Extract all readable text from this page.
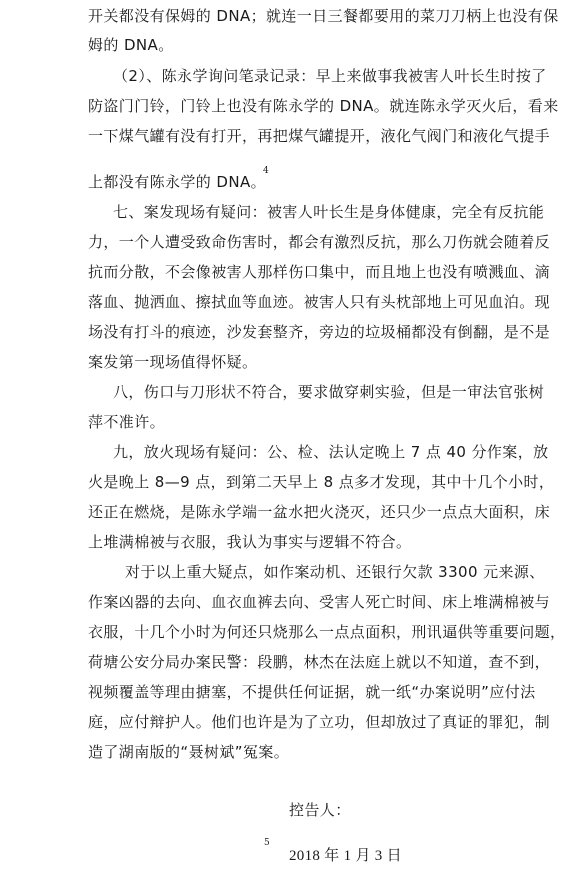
开关都没有保姆的 DNA；就连一日三餐都要用的菜刀刀柄上也没有保
姆的 DNA。
（2）、陈永学询问笔录记录：早上来做事我被害人叶长生时按了
防盗门门铃，门铃上也没有陈永学的 DNA。就连陈永学灭火后，看来
一下煤气罐有没有打开，再把煤气罐提开，液化气阀门和液化气提手
4
上都没有陈永学的 DNA。
七、案发现场有疑问：被害人叶长生是身体健康，完全有反抗能
力，一个人遭受致命伤害时，都会有激烈反抗，那么刀伤就会随着反
抗而分散，不会像被害人那样伤口集中，而且地上也没有喷溅血、滴
落血、抛洒血、擦拭血等血迹。被害人只有头枕部地上可见血泊。现
场没有打斗的痕迹，沙发套整齐，旁边的垃圾桶都没有倒翻，是不是
案发第一现场值得怀疑。
八，伤口与刀形状不符合，要求做穿刺实验，但是一审法官张树
萍不准许。
九，放火现场有疑问：公、检、法认定晚上 7 点 40 分作案，放
火是晚上 8—9 点，到第二天早上 8 点多才发现，其中十几个小时，
还正在燃烧，是陈永学端一盆水把火浇灭，还只少一点点大面积，床
上堆满棉被与衣服，我认为事实与逻辑不符合。
对于以上重大疑点，如作案动机、还银行欠款 3300 元来源、
作案凶器的去向、血衣血裤去向、受害人死亡时间、床上堆满棉被与
衣服，十几个小时为何还只烧那么一点点面积，刑讯逼供等重要问题，
荷塘公安分局办案民警：段鹏，林杰在法庭上就以不知道，查不到，
视频覆盖等理由搪塞，不提供任何证据，就一纸“办案说明”应付法
庭，应付辩护人。他们也许是为了立功，但却放过了真证的罪犯，制
造了湖南版的“聂树斌”冤案。
控告人：
5
2018 年 1 月 3 日
